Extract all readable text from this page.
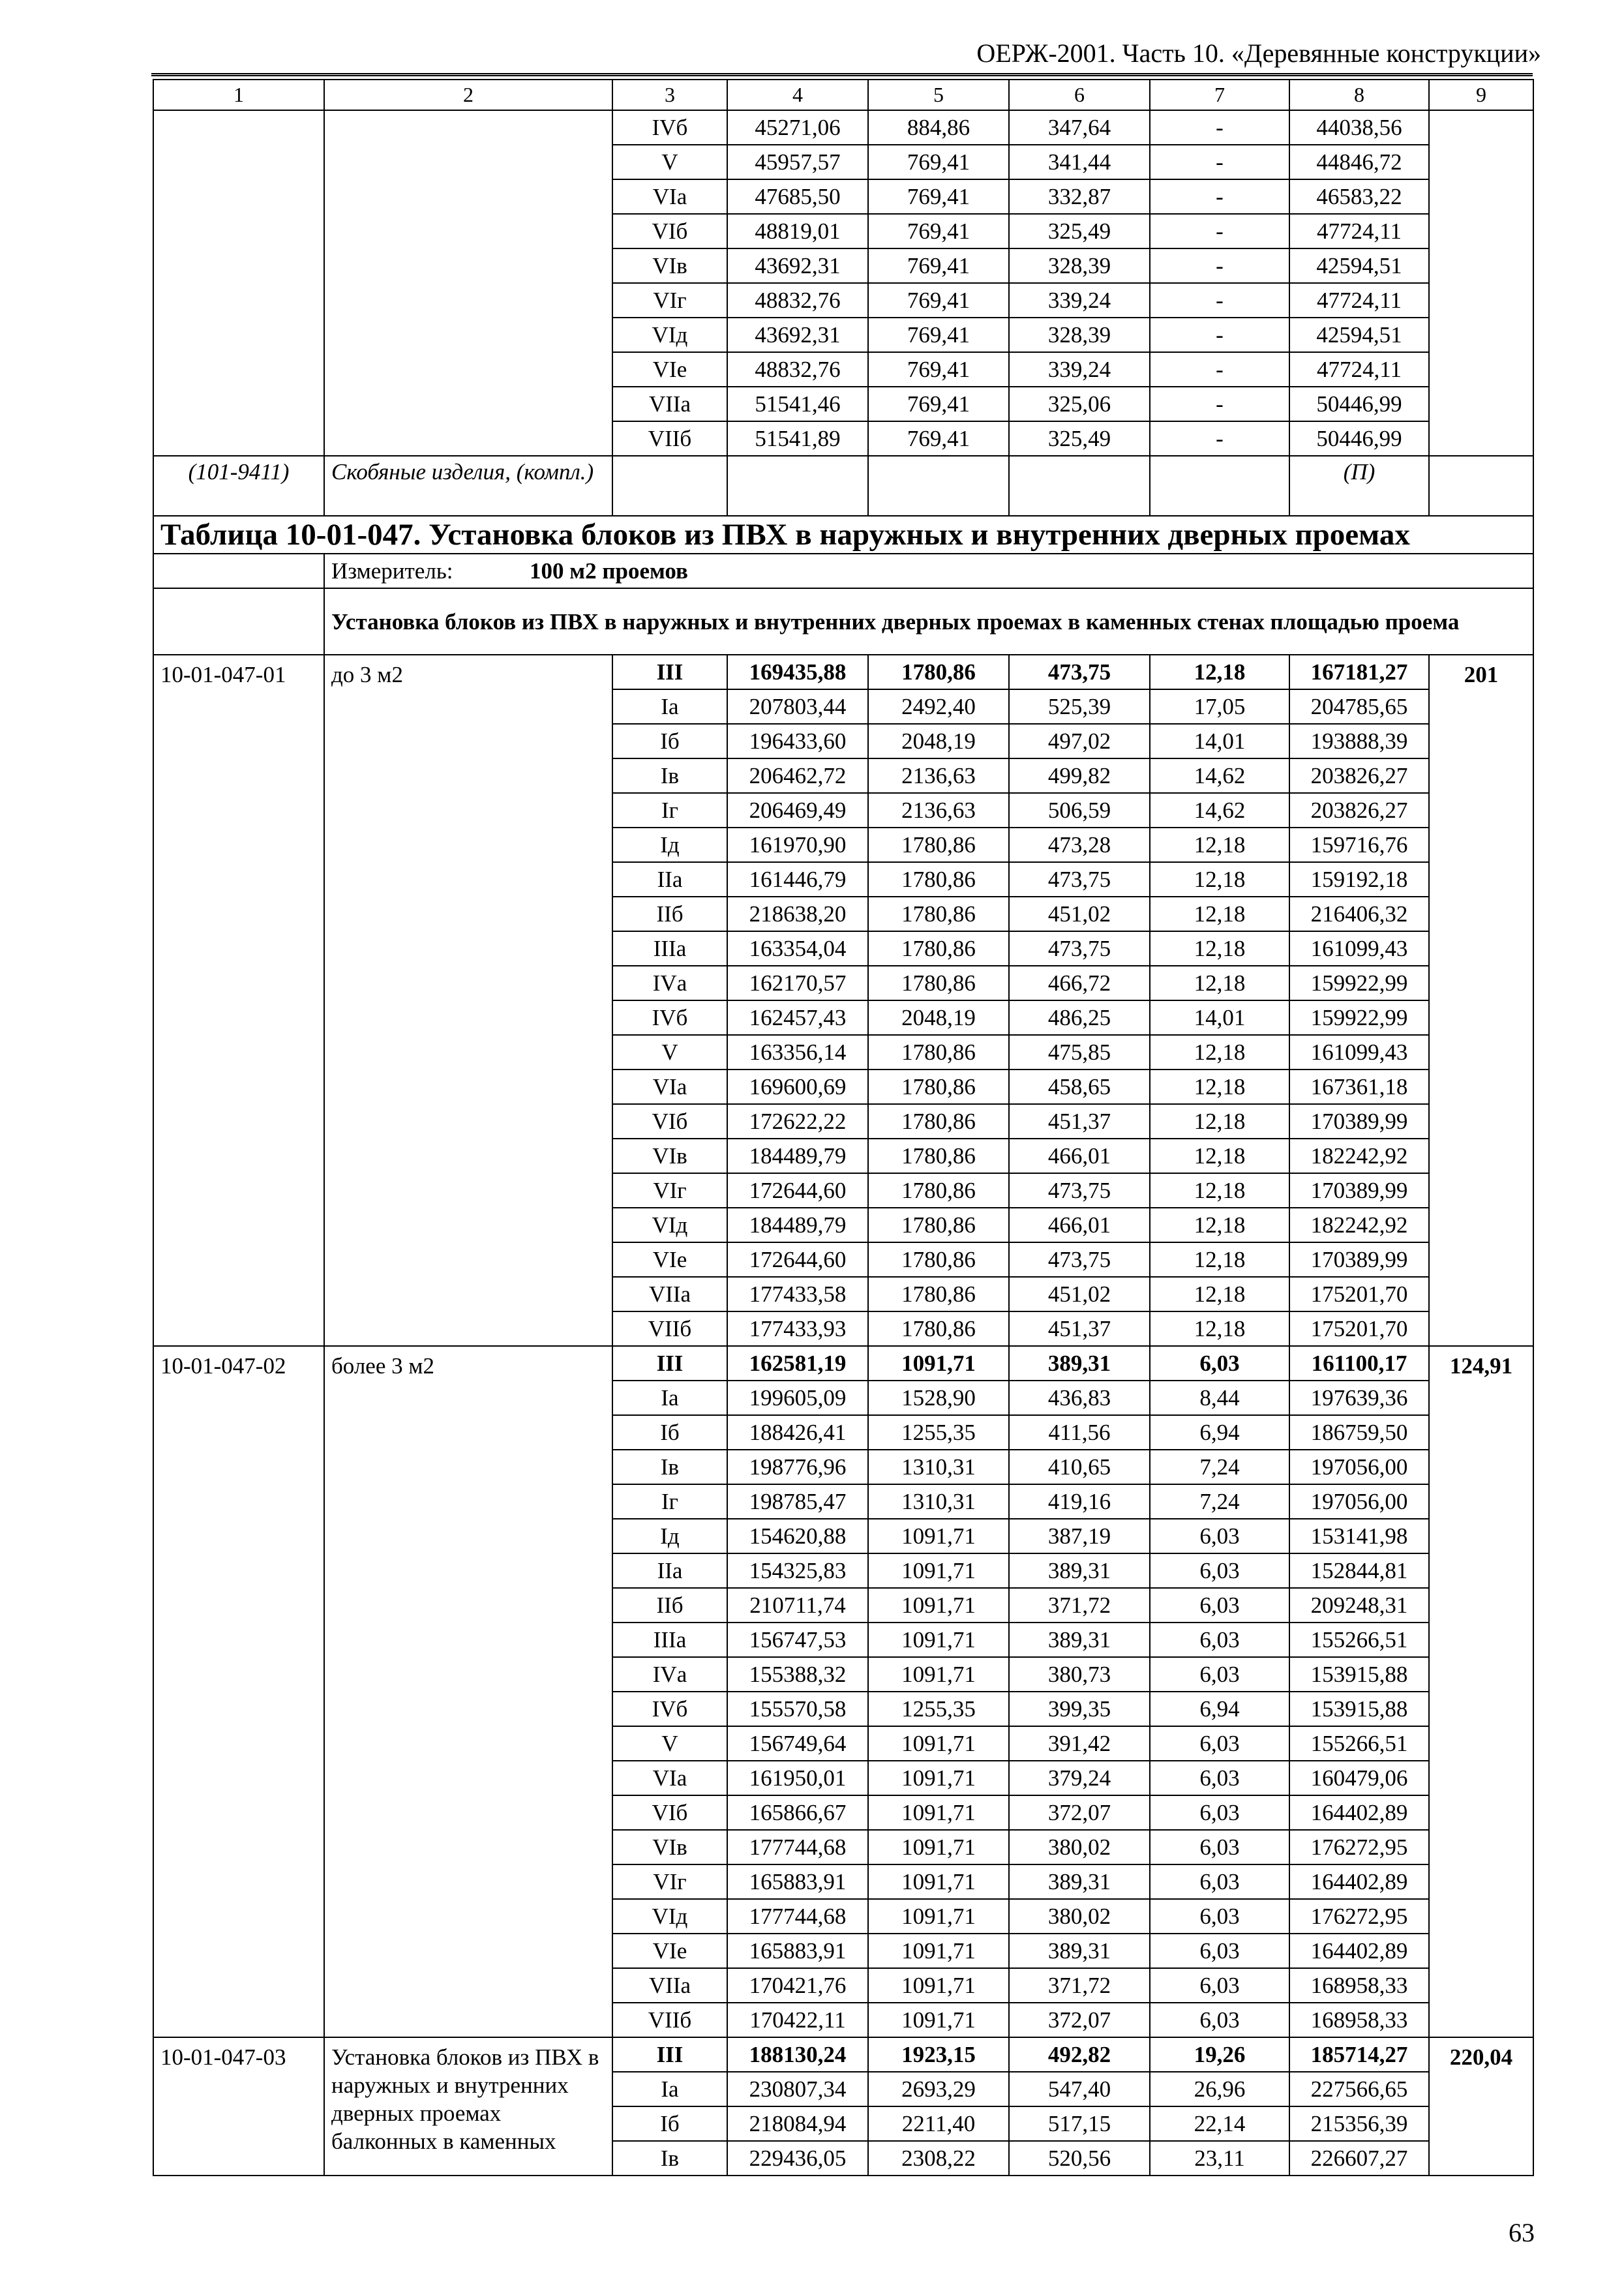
ОЕРЖ-2001. Часть 10. «Деревянные конструкции»
1	2	3	4	5	6	7	8	9
		IVб	45271,06	884,86	347,64	-	44038,56	
		V	45957,57	769,41	341,44	-	44846,72	
		VIа	47685,50	769,41	332,87	-	46583,22	
		VIб	48819,01	769,41	325,49	-	47724,11	
		VIв	43692,31	769,41	328,39	-	42594,51	
		VIг	48832,76	769,41	339,24	-	47724,11	
		VIд	43692,31	769,41	328,39	-	42594,51	
		VIе	48832,76	769,41	339,24	-	47724,11	
		VIIа	51541,46	769,41	325,06	-	50446,99	
		VIIб	51541,89	769,41	325,49	-	50446,99	
(101-9411)	Скобяные изделия, (компл.)						(П)	
Таблица 10-01-047. Установка блоков из ПВХ в наружных и внутренних дверных проемах								
	Измеритель: 100 м2 проемов							
	Установка блоков из ПВХ в наружных и внутренних дверных проемах в каменных стенах площадью проема							
10-01-047-01	до 3 м2	III	169435,88	1780,86	473,75	12,18	167181,27	201
		Iа	207803,44	2492,40	525,39	17,05	204785,65	
		Iб	196433,60	2048,19	497,02	14,01	193888,39	
		Iв	206462,72	2136,63	499,82	14,62	203826,27	
		Iг	206469,49	2136,63	506,59	14,62	203826,27	
		Iд	161970,90	1780,86	473,28	12,18	159716,76	
		IIа	161446,79	1780,86	473,75	12,18	159192,18	
		IIб	218638,20	1780,86	451,02	12,18	216406,32	
		IIIа	163354,04	1780,86	473,75	12,18	161099,43	
		IVа	162170,57	1780,86	466,72	12,18	159922,99	
		IVб	162457,43	2048,19	486,25	14,01	159922,99	
		V	163356,14	1780,86	475,85	12,18	161099,43	
		VIа	169600,69	1780,86	458,65	12,18	167361,18	
		VIб	172622,22	1780,86	451,37	12,18	170389,99	
		VIв	184489,79	1780,86	466,01	12,18	182242,92	
		VIг	172644,60	1780,86	473,75	12,18	170389,99	
		VIд	184489,79	1780,86	466,01	12,18	182242,92	
		VIе	172644,60	1780,86	473,75	12,18	170389,99	
		VIIа	177433,58	1780,86	451,02	12,18	175201,70	
		VIIб	177433,93	1780,86	451,37	12,18	175201,70	
10-01-047-02	более 3 м2	III	162581,19	1091,71	389,31	6,03	161100,17	124,91
		Iа	199605,09	1528,90	436,83	8,44	197639,36	
		Iб	188426,41	1255,35	411,56	6,94	186759,50	
		Iв	198776,96	1310,31	410,65	7,24	197056,00	
		Iг	198785,47	1310,31	419,16	7,24	197056,00	
		Iд	154620,88	1091,71	387,19	6,03	153141,98	
		IIа	154325,83	1091,71	389,31	6,03	152844,81	
		IIб	210711,74	1091,71	371,72	6,03	209248,31	
		IIIа	156747,53	1091,71	389,31	6,03	155266,51	
		IVа	155388,32	1091,71	380,73	6,03	153915,88	
		IVб	155570,58	1255,35	399,35	6,94	153915,88	
		V	156749,64	1091,71	391,42	6,03	155266,51	
		VIа	161950,01	1091,71	379,24	6,03	160479,06	
		VIб	165866,67	1091,71	372,07	6,03	164402,89	
		VIв	177744,68	1091,71	380,02	6,03	176272,95	
		VIг	165883,91	1091,71	389,31	6,03	164402,89	
		VIд	177744,68	1091,71	380,02	6,03	176272,95	
		VIе	165883,91	1091,71	389,31	6,03	164402,89	
		VIIа	170421,76	1091,71	371,72	6,03	168958,33	
		VIIб	170422,11	1091,71	372,07	6,03	168958,33	
10-01-047-03	Установка блоков из ПВХ в наружных и внутренних дверных проемах балконных в каменных	III	188130,24	1923,15	492,82	19,26	185714,27	220,04
		Iа	230807,34	2693,29	547,40	26,96	227566,65	
		Iб	218084,94	2211,40	517,15	22,14	215356,39	
		Iв	229436,05	2308,22	520,56	23,11	226607,27	
63
